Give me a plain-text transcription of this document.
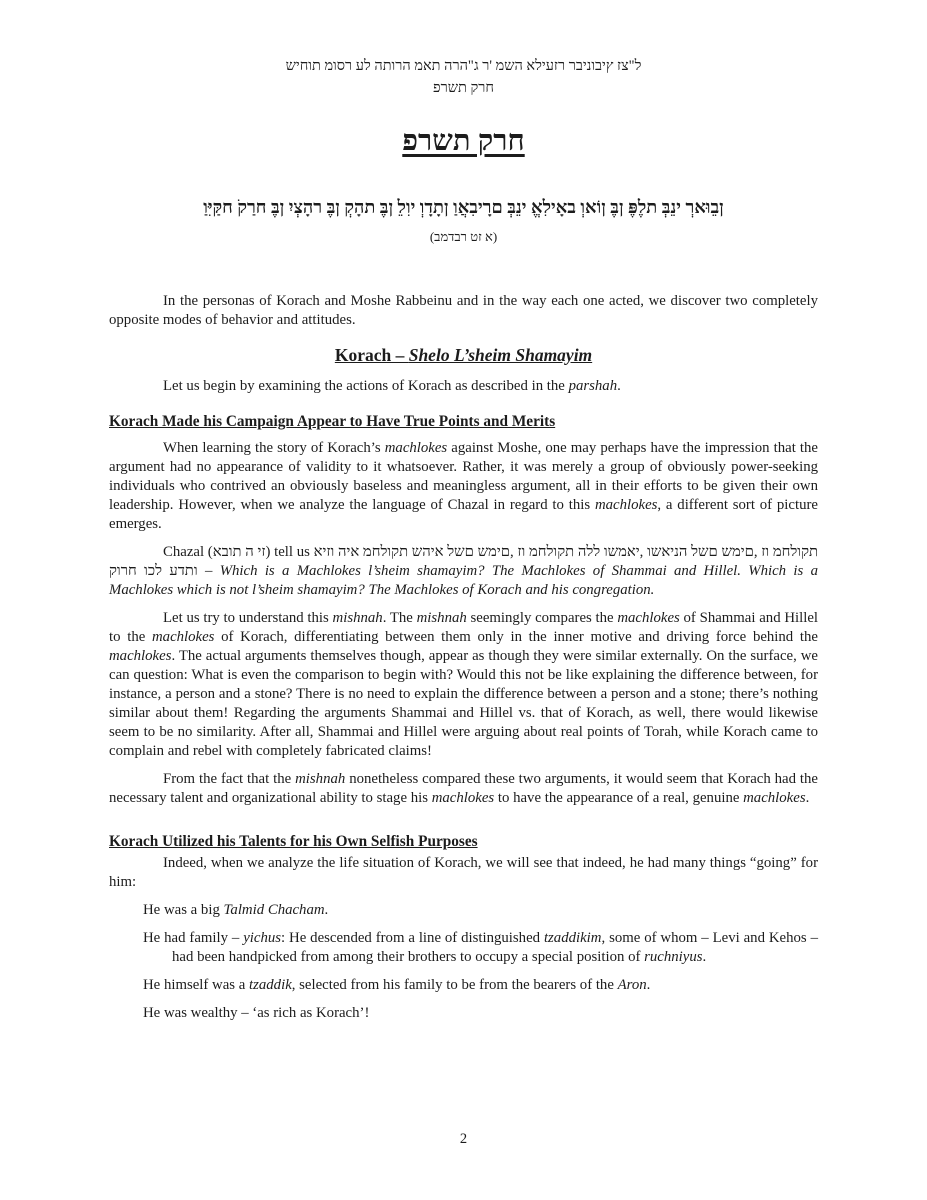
שיחות מוסר על התורה מאת הרה"ג ר' משה אליעזר רבינוביץ זצ"ל
פרשת קרח
פרשת קרח
וַיִּקַּח קֹרַח בֶּן יִצְהָר בֶּן קְהָת בֶּן לֵוִי וְדָתָן וַאֲבִירָם בְּנֵי אֱלִיאָב וְאוֹן בֶּן פֶּלֶת בְּנֵי רְאוּבֵן
(במדבר טז א)

In the personas of Korach and Moshe Rabbeinu and in the way each one acted, we discover two completely opposite modes of behavior and attitudes.

Korach – Shelo L’sheim Shamayim

Let us begin by examining the actions of Korach as described in the parshah.

Korach Made his Campaign Appear to Have True Points and Merits

When learning the story of Korach’s machlokes against Moshe, one may perhaps have the impression that the argument had no appearance of validity to it whatsoever. Rather, it was merely a group of obviously power-seeking individuals who contrived an obviously baseless and meaningless argument, all in their efforts to be given their own leadership. However, when we analyze the language of Chazal in regard to this machlokes, a different sort of picture emerges.

Chazal (אבות ה יז) tell us איזו היא מחלוקת שהיא לשם שמים, זו מחלוקת הלל ושמאי, ושאינה לשם שמים, זו מחלוקת קורח וכל עדתו – Which is a Machlokes l’sheim shamayim? The Machlokes of Shammai and Hillel. Which is a Machlokes which is not l’sheim shamayim? The Machlokes of Korach and his congregation.

Let us try to understand this mishnah. The mishnah seemingly compares the machlokes of Shammai and Hillel to the machlokes of Korach, differentiating between them only in the inner motive and driving force behind the machlokes. The actual arguments themselves though, appear as though they were similar externally. On the surface, we can question: What is even the comparison to begin with? Would this not be like explaining the difference between, for instance, a person and a stone? There is no need to explain the difference between a person and a stone; there’s nothing similar about them! Regarding the arguments Shammai and Hillel vs. that of Korach, as well, there would likewise seem to be no similarity. After all, Shammai and Hillel were arguing about real points of Torah, while Korach came to complain and rebel with completely fabricated claims!

From the fact that the mishnah nonetheless compared these two arguments, it would seem that Korach had the necessary talent and organizational ability to stage his machlokes to have the appearance of a real, genuine machlokes.

Korach Utilized his Talents for his Own Selfish Purposes

Indeed, when we analyze the life situation of Korach, we will see that indeed, he had many things “going” for him:

He was a big Talmid Chacham.

He had family – yichus: He descended from a line of distinguished tzaddikim, some of whom – Levi and Kehos –had been handpicked from among their brothers to occupy a special position of ruchniyus.

He himself was a tzaddik, selected from his family to be from the bearers of the Aron.

He was wealthy – ‘as rich as Korach’!

2
